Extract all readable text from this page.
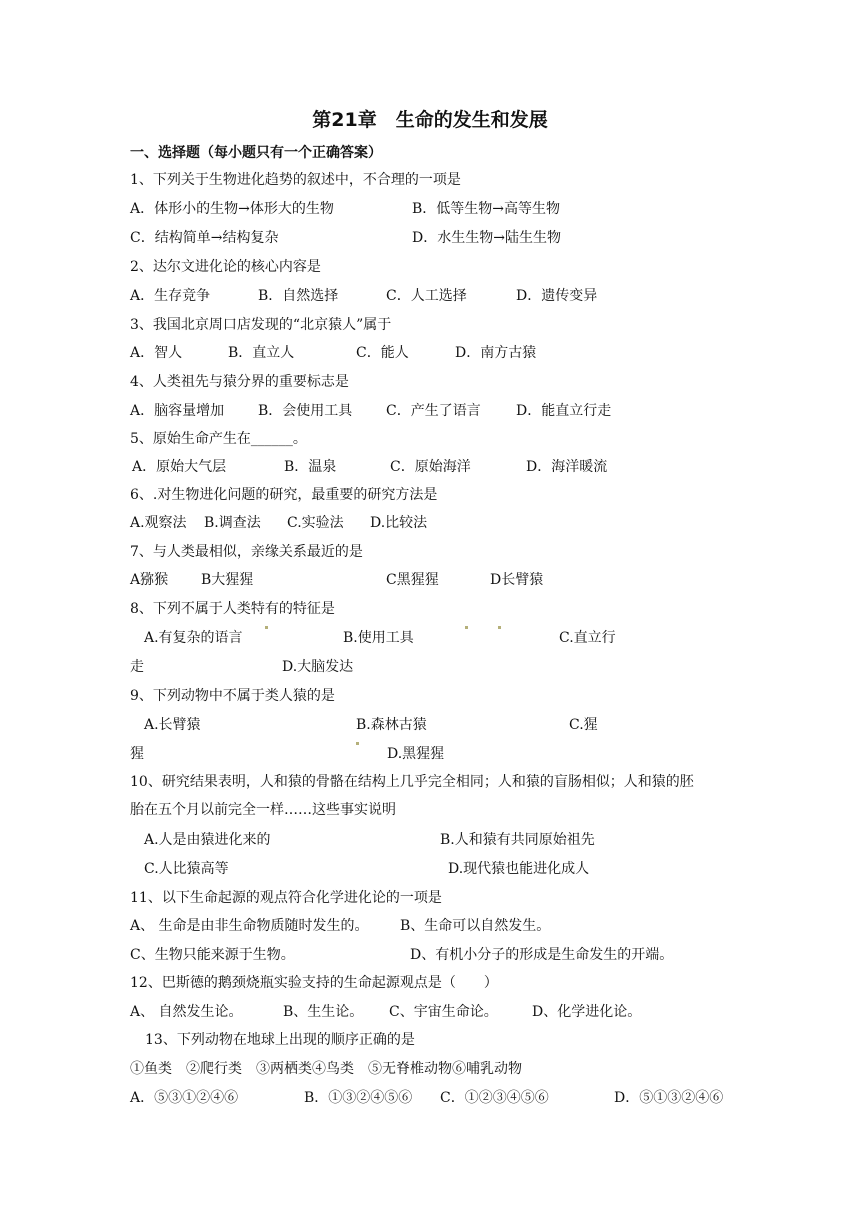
第21章　生命的发生和发展
一、选择题（每小题只有一个正确答案）
1、下列关于生物进化趋势的叙述中，不合理的一项是
A．体形小的生物→体形大的生物	B．低等生物→高等生物
C．结构简单→结构复杂	D．水生生物→陆生生物
2、达尔文进化论的核心内容是
A．生存竞争	B．自然选择	C．人工选择	D．遗传变异
3、我国北京周口店发现的“北京猿人”属于
A．智人	B．直立人	C．能人	D．南方古猿
4、人类祖先与猿分界的重要标志是
A．脑容量增加 B．会使用工具 C．产生了语言	D．能直立行走
5、原始生命产生在______。
A．原始大气层	B．温泉	C．原始海洋	D．海洋暖流
6、.对生物进化问题的研究，最重要的研究方法是
A.观察法 B.调查法 C.实验法 D.比较法
7、与人类最相似，亲缘关系最近的是
A猕猴 B大猩猩	C黑猩猩	D长臂猿
8、下列不属于人类特有的特征是
A.有复杂的语言	B.使用工具	C.直立行
走	D.大脑发达
9、下列动物中不属于类人猿的是
A.长臂猿	B.森林古猿	C.猩
猩	D.黑猩猩
10、研究结果表明，人和猿的骨骼在结构上几乎完全相同；人和猿的盲肠相似；人和猿的胚
胎在五个月以前完全一样……这些事实说明
A.人是由猿进化来的	B.人和猿有共同原始祖先
C.人比猿高等	D.现代猿也能进化成人
11、以下生命起源的观点符合化学进化论的一项是
A、 生命是由非生命物质随时发生的。 B、生命可以自然发生。
C、生物只能来源于生物。	D、有机小分子的形成是生命发生的开端。
12、巴斯德的鹅颈烧瓶实验支持的生命起源观点是（　　）
A、 自然发生论。	B、生生论。 C、宇宙生命论。 D、化学进化论。
13、下列动物在地球上出现的顺序正确的是
①鱼类　②爬行类　③两栖类④鸟类　⑤无脊椎动物⑥哺乳动物
A．⑤③①②④⑥	B．①③②④⑤⑥ C．①②③④⑤⑥	D．⑤①③②④⑥
